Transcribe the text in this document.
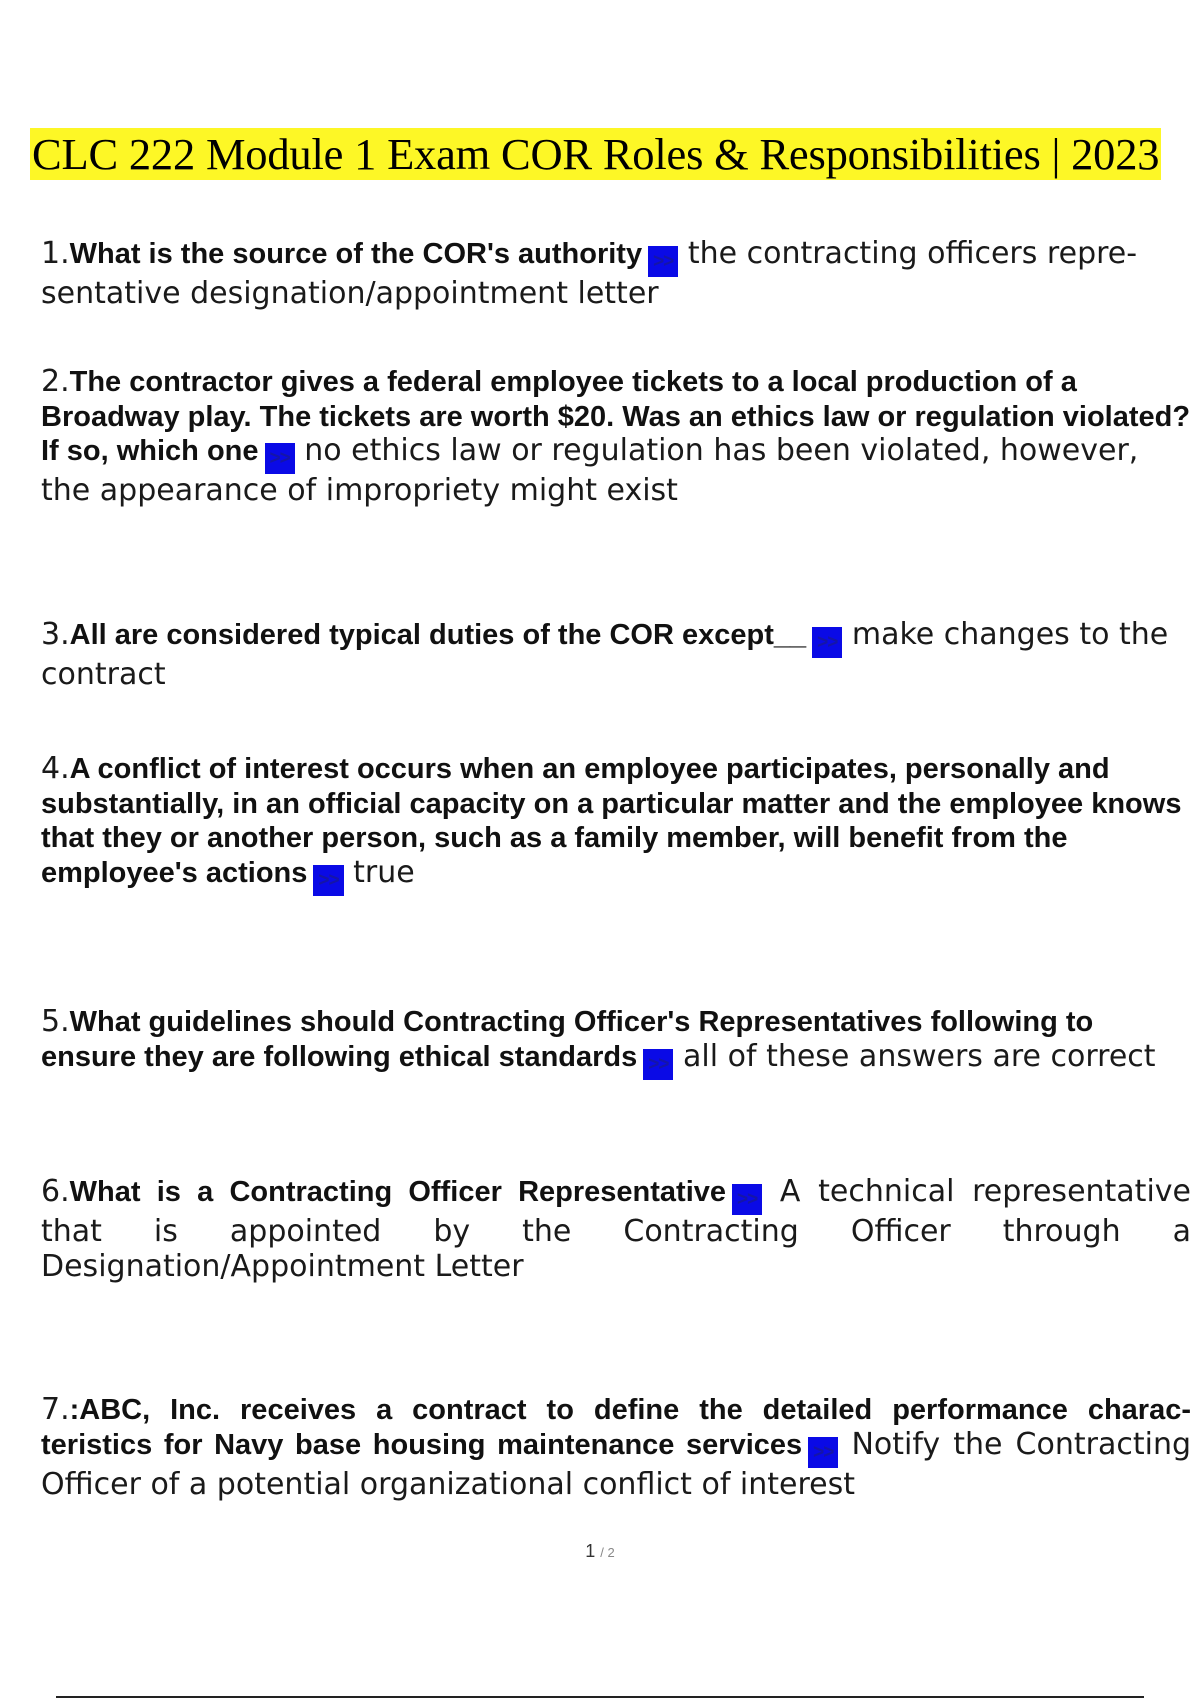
CLC 222 Module 1 Exam COR Roles & Responsibilities | 2023

1.What is the source of the COR's authority >> the contracting officers repre- sentative designation/appointment letter

2.The contractor gives a federal employee tickets to a local production of a Broadway play. The tickets are worth $20. Was an ethics law or regulation violated? If so, which one >> no ethics law or regulation has been violated, however, the appearance of impropriety might exist

3.All are considered typical duties of the COR except__ >> make changes to the contract

4.A conflict of interest occurs when an employee participates, personally and substantially, in an official capacity on a particular matter and the employee knows that they or another person, such as a family member, will benefit from the employee's actions >> true

5.What guidelines should Contracting Officer's Representatives following to ensure they are following ethical standards >> all of these answers are correct

6.What is a Contracting Officer Representative >> A technical representative that is appointed by the Contracting Officer through a Designation/Appointment Letter

7.:ABC, Inc. receives a contract to define the detailed performance charac- teristics for Navy base housing maintenance services >> Notify the Contracting Officer of a potential organizational conflict of interest

1 / 2
